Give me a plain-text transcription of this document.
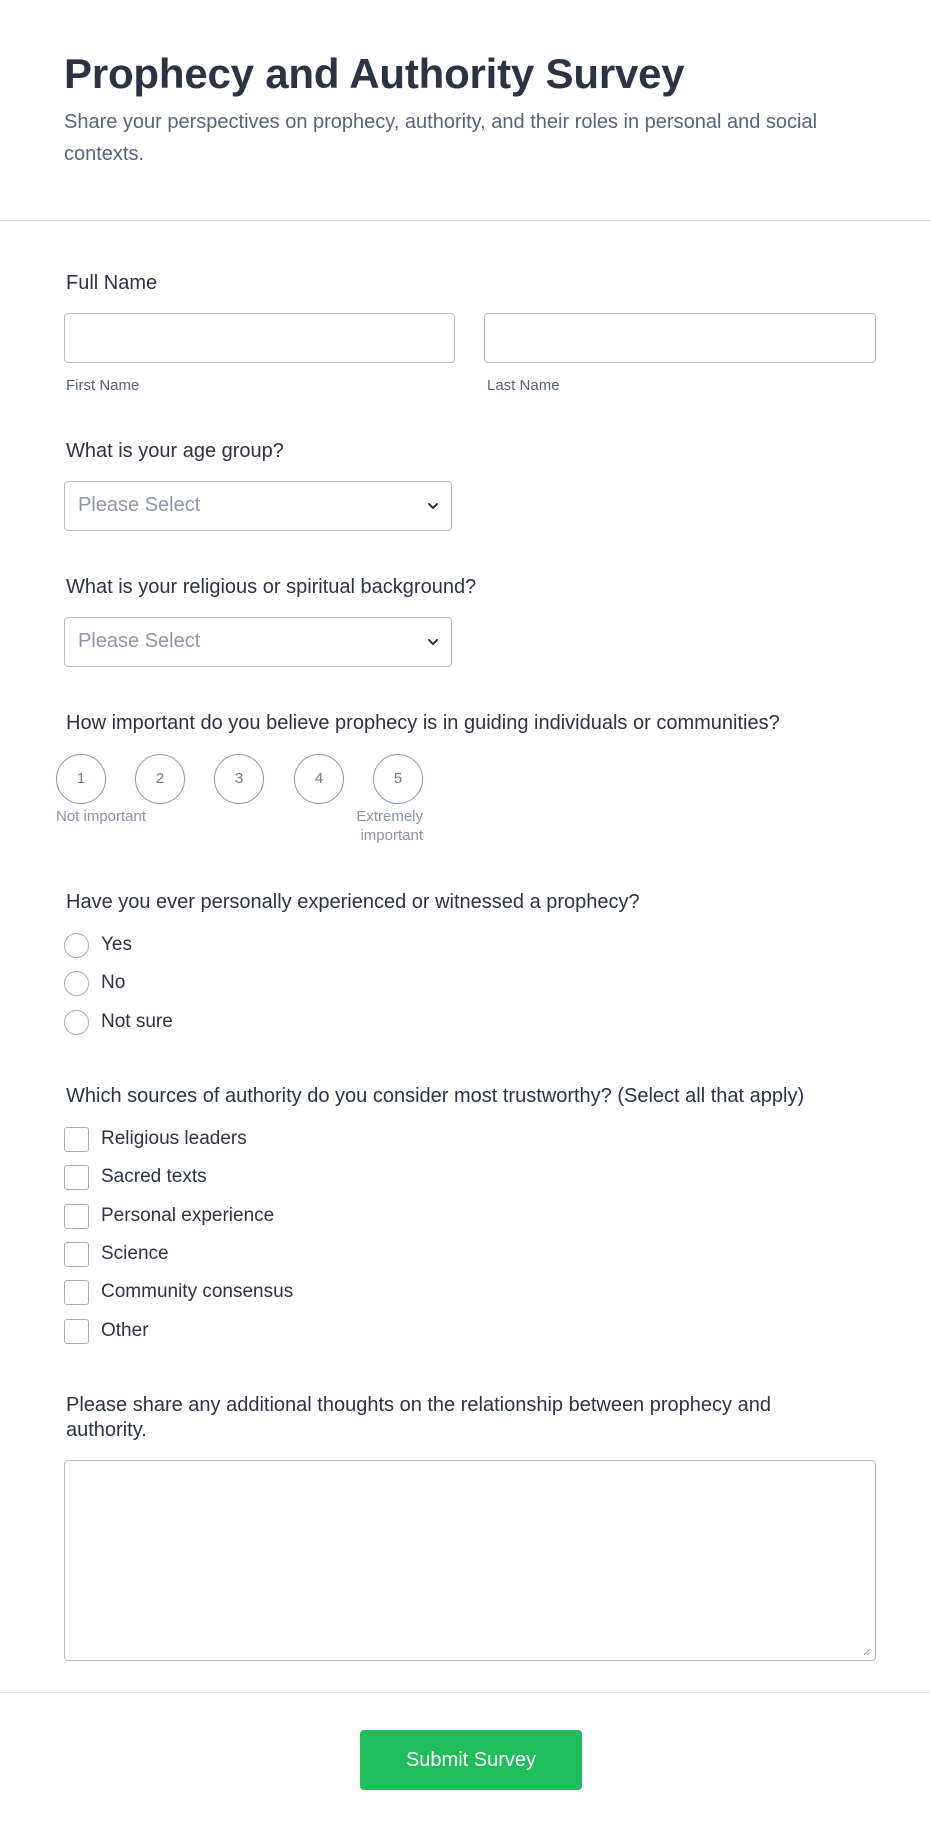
Prophecy and Authority Survey
Share your perspectives on prophecy, authority, and their roles in personal and social contexts.
Full Name
First Name	Last Name
What is your age group?
Please Select
What is your religious or spiritual background?
Please Select
How important do you believe prophecy is in guiding individuals or communities?
1	2	3	4	5
Not important	Extremely
important
Have you ever personally experienced or witnessed a prophecy?
Yes
No
Not sure
Which sources of authority do you consider most trustworthy? (Select all that apply)
Religious leaders
Sacred texts
Personal experience
Science
Community consensus
Other
Please share any additional thoughts on the relationship between prophecy and
authority.
Submit Survey
